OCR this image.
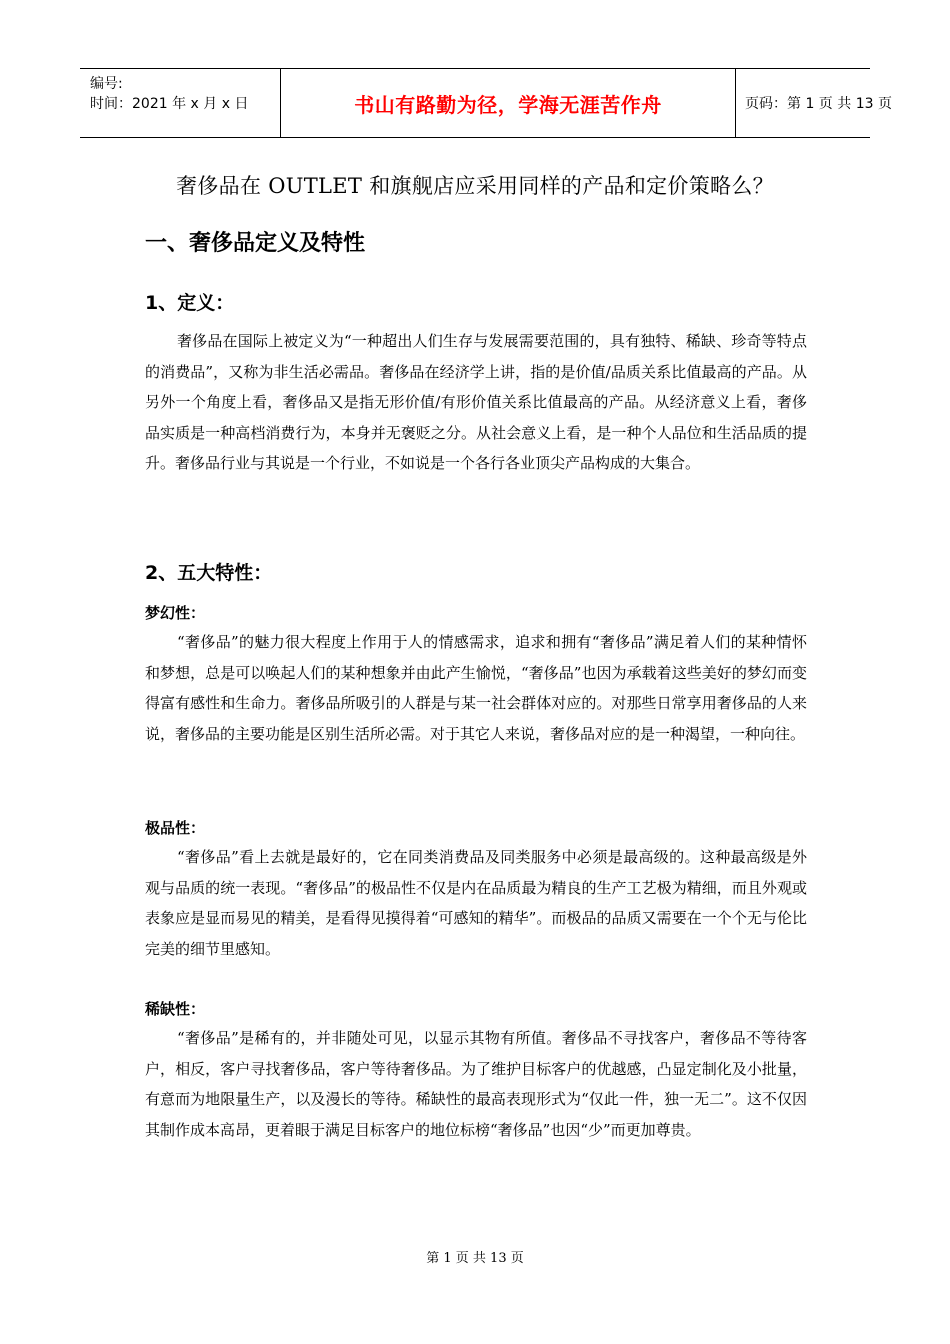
编号:
时间：2021 年 x 月 x 日	书山有路勤为径，学海无涯苦作舟	页码：第 1 页 共 13 页
奢侈品在 OUTLET 和旗舰店应采用同样的产品和定价策略么？
一、奢侈品定义及特性
1、定义：
奢侈品在国际上被定义为“一种超出人们生存与发展需要范围的，具有独特、稀缺、珍奇等特点的消费品”，又称为非生活必需品。奢侈品在经济学上讲，指的是价值/品质关系比值最高的产品。从另外一个角度上看，奢侈品又是指无形价值/有形价值关系比值最高的产品。从经济意义上看，奢侈品实质是一种高档消费行为，本身并无褒贬之分。从社会意义上看，是一种个人品位和生活品质的提升。奢侈品行业与其说是一个行业，不如说是一个各行各业顶尖产品构成的大集合。
2、五大特性：
梦幻性：
“奢侈品”的魅力很大程度上作用于人的情感需求，追求和拥有“奢侈品”满足着人们的某种情怀和梦想，总是可以唤起人们的某种想象并由此产生愉悦，“奢侈品”也因为承载着这些美好的梦幻而变得富有感性和生命力。奢侈品所吸引的人群是与某一社会群体对应的。对那些日常享用奢侈品的人来说，奢侈品的主要功能是区别生活所必需。对于其它人来说，奢侈品对应的是一种渴望，一种向往。
极品性：
“奢侈品”看上去就是最好的，它在同类消费品及同类服务中必须是最高级的。这种最高级是外观与品质的统一表现。“奢侈品”的极品性不仅是内在品质最为精良的生产工艺极为精细，而且外观或表象应是显而易见的精美，是看得见摸得着“可感知的精华”。而极品的品质又需要在一个个无与伦比完美的细节里感知。
稀缺性：
“奢侈品”是稀有的，并非随处可见，以显示其物有所值。奢侈品不寻找客户，奢侈品不等待客户，相反，客户寻找奢侈品，客户等待奢侈品。为了维护目标客户的优越感，凸显定制化及小批量，有意而为地限量生产，以及漫长的等待。稀缺性的最高表现形式为“仅此一件，独一无二”。这不仅因其制作成本高昂，更着眼于满足目标客户的地位标榜“奢侈品”也因“少”而更加尊贵。
第 1 页 共 13 页
